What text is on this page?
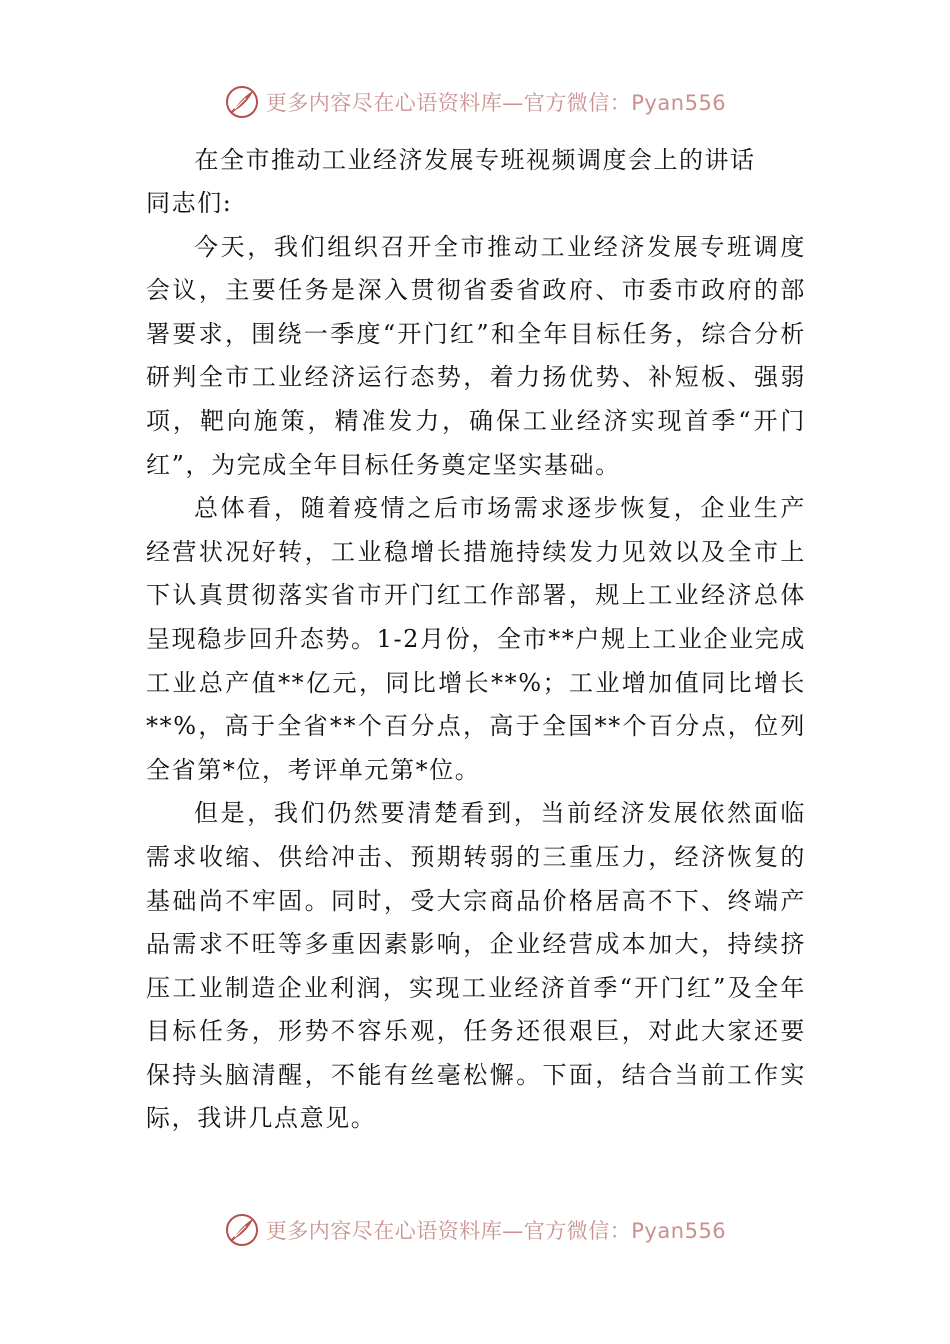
更多内容尽在心语资料库—官方微信：Pyan556
在全市推动工业经济发展专班视频调度会上的讲话

同志们:

今天，我们组织召开全市推动工业经济发展专班调度会议，主要任务是深入贯彻省委省政府、市委市政府的部署要求，围绕一季度“开门红”和全年目标任务，综合分析研判全市工业经济运行态势，着力扬优势、补短板、强弱项，靶向施策，精准发力，确保工业经济实现首季“开门红”，为完成全年目标任务奠定坚实基础。

总体看，随着疫情之后市场需求逐步恢复，企业生产经营状况好转，工业稳增长措施持续发力见效以及全市上下认真贯彻落实省市开门红工作部署，规上工业经济总体呈现稳步回升态势。1-2月份，全市**户规上工业企业完成工业总产值**亿元，同比增长**%；工业增加值同比增长**%，高于全省**个百分点，高于全国**个百分点，位列全省第*位，考评单元第*位。

但是，我们仍然要清楚看到，当前经济发展依然面临需求收缩、供给冲击、预期转弱的三重压力，经济恢复的基础尚不牢固。同时，受大宗商品价格居高不下、终端产品需求不旺等多重因素影响，企业经营成本加大，持续挤压工业制造企业利润，实现工业经济首季“开门红”及全年目标任务，形势不容乐观，任务还很艰巨，对此大家还要保持头脑清醒，不能有丝毫松懈。下面，结合当前工作实际，我讲几点意见。

更多内容尽在心语资料库—官方微信：Pyan556
